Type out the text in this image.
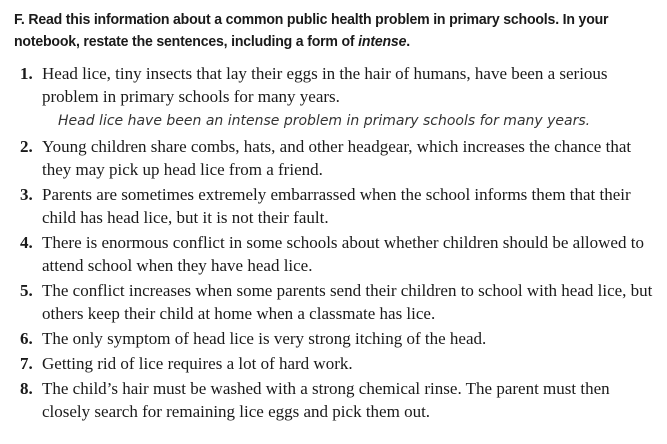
F. Read this information about a common public health problem in primary schools. In your notebook, restate the sentences, including a form of intense.
1. Head lice, tiny insects that lay their eggs in the hair of humans, have been a serious problem in primary schools for many years.
Head lice have been an intense problem in primary schools for many years.
2. Young children share combs, hats, and other headgear, which increases the chance that they may pick up head lice from a friend.
3. Parents are sometimes extremely embarrassed when the school informs them that their child has head lice, but it is not their fault.
4. There is enormous conflict in some schools about whether children should be allowed to attend school when they have head lice.
5. The conflict increases when some parents send their children to school with head lice, but others keep their child at home when a classmate has lice.
6. The only symptom of head lice is very strong itching of the head.
7. Getting rid of lice requires a lot of hard work.
8. The child’s hair must be washed with a strong chemical rinse. The parent must then closely search for remaining lice eggs and pick them out.
